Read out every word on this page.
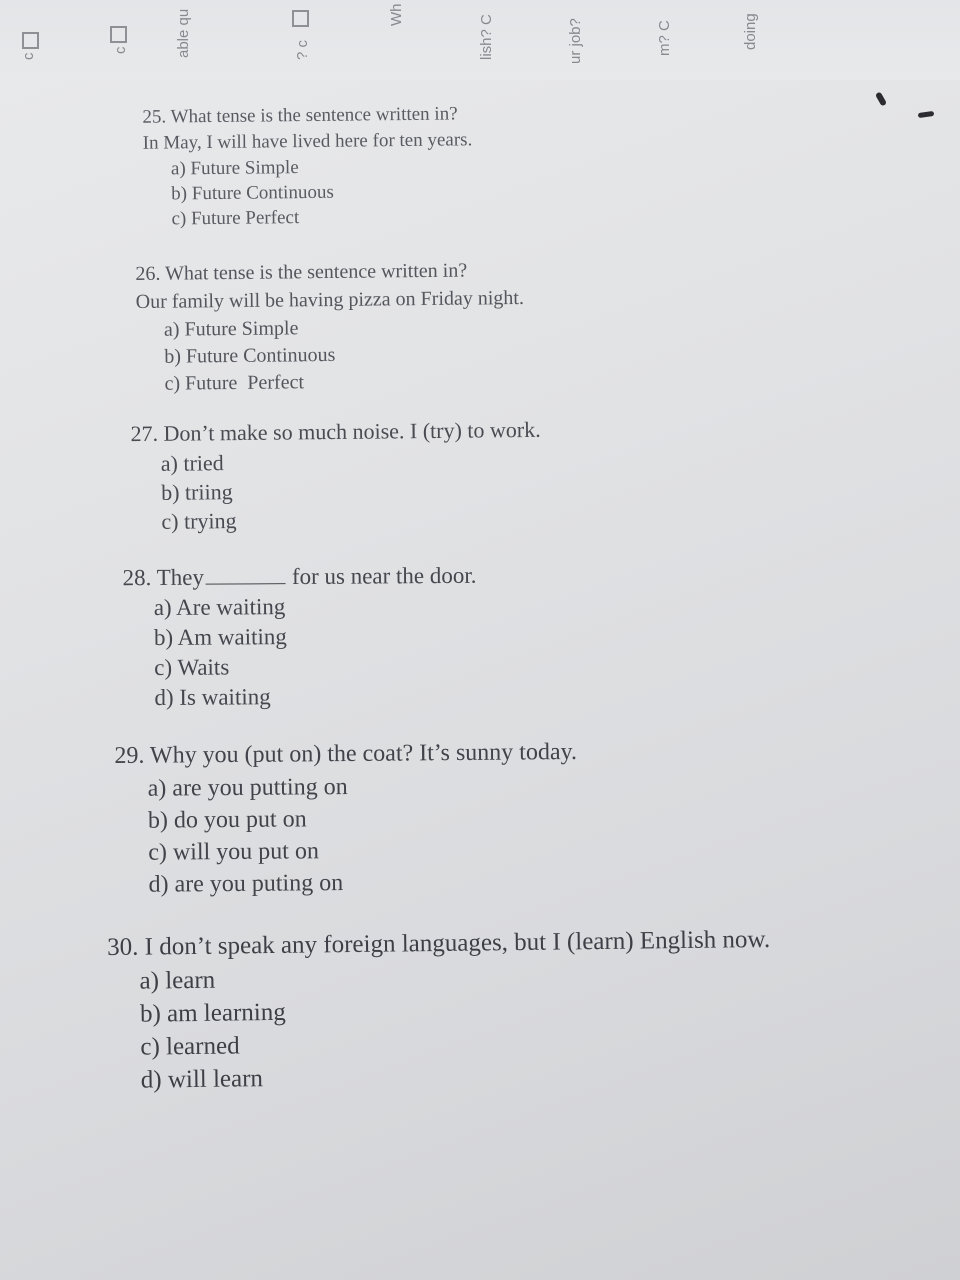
c
c	able qu	? c
Wh	lish? C	ur job?	m? C	doing
25. What tense is the sentence written in?
In May, I will have lived here for ten years.
a) Future Simple
b) Future Continuous
c) Future Perfect
26. What tense is the sentence written in?
Our family will be having pizza on Friday night.
a) Future Simple
b) Future Continuous
c) Future  Perfect
27. Don’t make so much noise. I (try) to work.
a) tried
b) triing
c) trying
28. They	for us near the door.
a) Are waiting
b) Am waiting
c) Waits
d) Is waiting
29. Why you (put on) the coat? It’s sunny today.
a) are you putting on
b) do you put on
c) will you put on
d) are you puting on
30. I don’t speak any foreign languages, but I (learn) English now.
a) learn
b) am learning
c) learned
d) will learn
